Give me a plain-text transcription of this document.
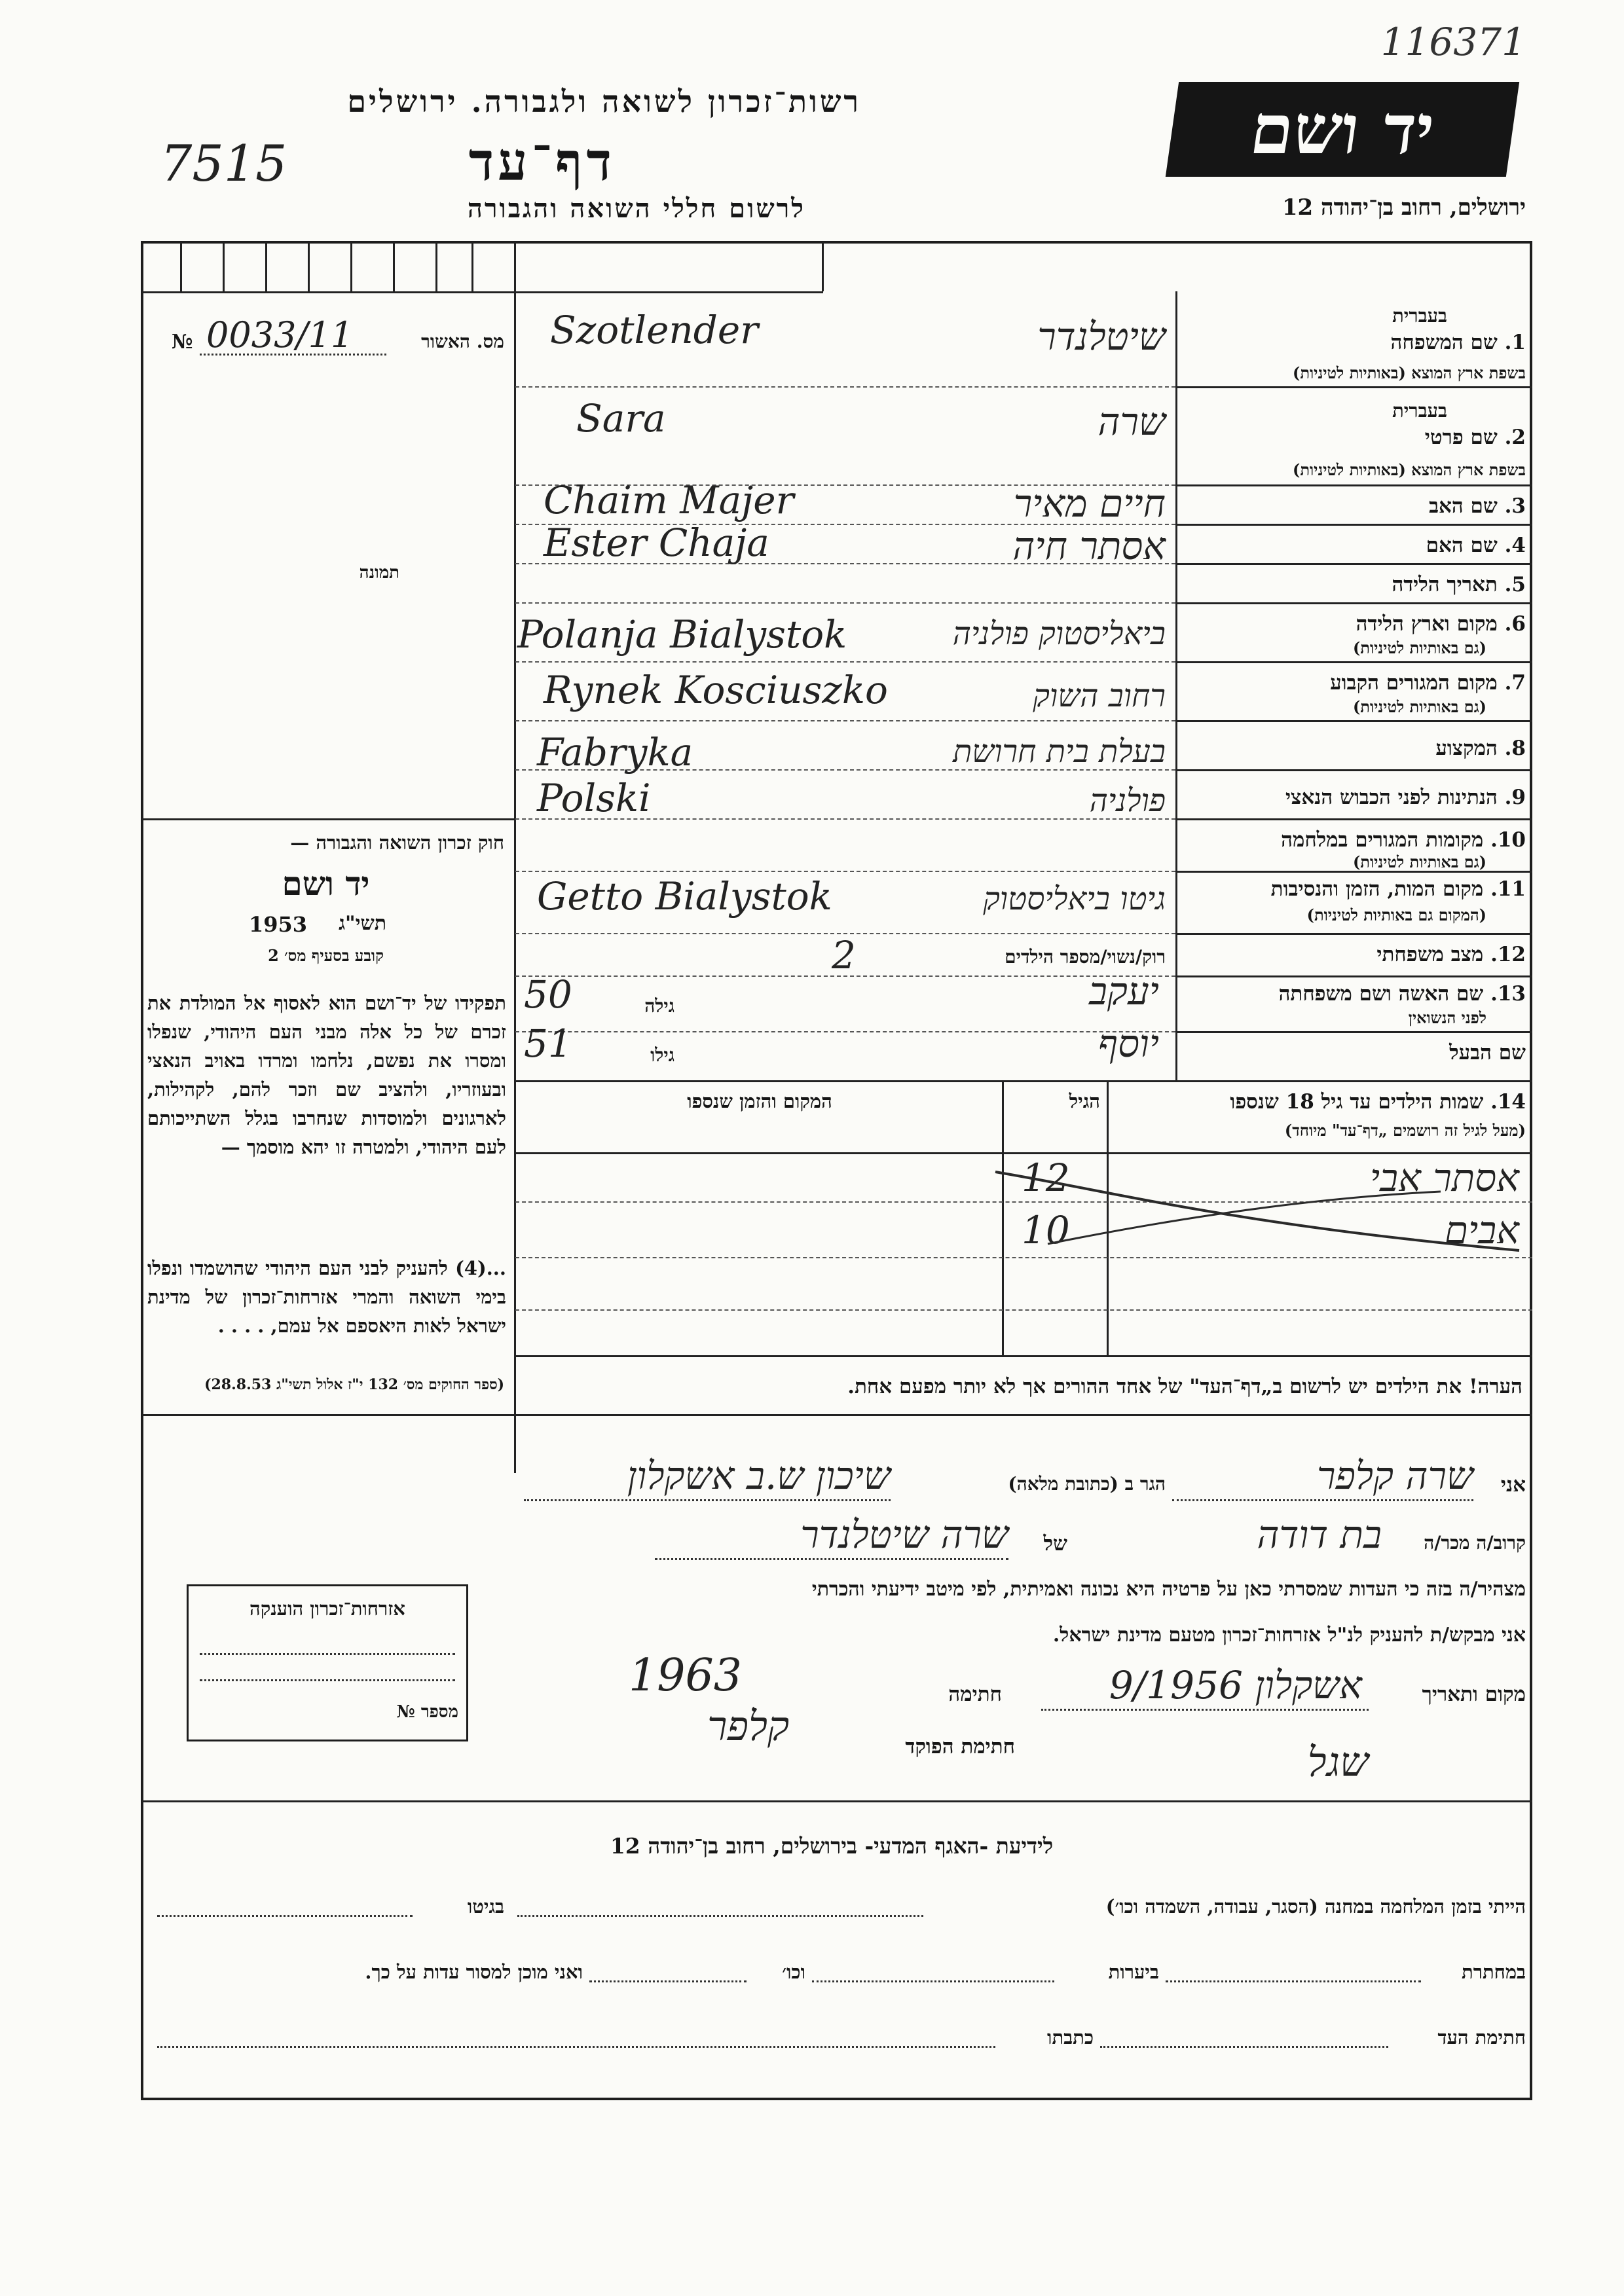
116371
רשות־זכרון לשואה ולגבורה. ירושלים
7515	דף־עד
לרשום חללי השואה והגבורה
יד ושם
ירושלים, רחוב בן־יהודה 12
מס. האשור
№ 0033/11
תמונה
חוק זכרון השואה והגבורה —
יד ושם
תשי"ג
1953
קובע בסעיף מס׳ 2
תפקידו של יד־ושם הוא לאסוף אל המולדת את זכרם של כל אלה מבני העם היהודי, שנפלו ומסרו את נפשם, נלחמו ומרדו באויב הנאצי ובעוזריו, ולהציב שם וזכר להם, לקהילות, לארגונים ולמוסדות שנחרבו בגלל השתייכותם לעם היהודי, ולמטרה זו יהא מוסמך —
...(4) להעניק לבני העם היהודי שהושמדו ונפלו בימי השואה והמרי אזרחות־זכרון של מדינת ישראל לאות היאספם אל עמם, . . . .
(ספר החוקים מס׳ 132 י"ז אלול תשי"ג 28.8.53)
1. שם המשפחה
בעברית
בשפת ארץ המוצא (באותיות לטיניות)
שיטלנדר
Szotlender
2. שם פרטי
בעברית
בשפת ארץ המוצא (באותיות לטיניות)
שרה
Sara
3. שם האב
חיים מאיר
Chaim Majer
4. שם האם
אסתר חיה
Ester Chaja
5. תאריך הלידה
6. מקום וארץ הלידה
(גם באותיות לטיניות)
ביאליסטוק פולניה
Polanja Bialystok
7. מקום המגורים הקבוע
(גם באותיות לטיניות)
רחוב השוק
Rynek Kosciuszko
8. המקצוע
בעלת בית חרושת
Fabryka
9. הנתינות לפני הכבוש הנאצי
פולניה
Polski
10. מקומות המגורים במלחמה
(גם באותיות לטיניות)
11. מקום המות, הזמן והנסיבות
(המקום גם באותיות לטיניות)
גיטו ביאליסטוק
Getto Bialystok
12. מצב משפחתי
רוק/נשוי/מספר הילדים
2
13. שם האשה ושם משפחתה
לפני הנשואין
גילה
50	יעקב
שם הבעל
גילו
51	יוסף
14. שמות הילדים עד גיל 18 שנספו
(מעל לגיל זה רושמים „דף־עד" מיוחד)
הגיל
המקום והזמן שנספו
אסתר אבי
12
אבים
10
הערה! את הילדים יש לרשום ב„דף־העד" של אחד ההורים אך לא יותר מפעם אחת.
אזרחות־זכרון הוענקה
מספר №
אני
שרה קלפר
הגר ב (כתובת מלאה)
שיכון ש.ב אשקלון
קרוב/ה מכר/ה
בת דודה
של
שרה שיטלנדר
מצהיר/ה בזה כי העדות שמסרתי כאן על פרטיה היא נכונה ואמיתית, לפי מיטב ידיעתי והכרתי
אני מבקש/ת להעניק לנ"ל אזרחות־זכרון מטעם מדינת ישראל.
מקום ותאריך
אשקלון 9/1956
חתימה
קלפר
1963
חתימת הפוקד	שגל
לידיעת -האגף המדעי- בירושלים, רחוב בן־יהודה 12
הייתי בזמן המלחמה במחנה (הסגר, עבודה, השמדה וכו׳)
בגיטו
במחתרת
ביערות
וכו׳
ואני מוכן למסור עדות על כך.
חתימת העד
כתבתו
